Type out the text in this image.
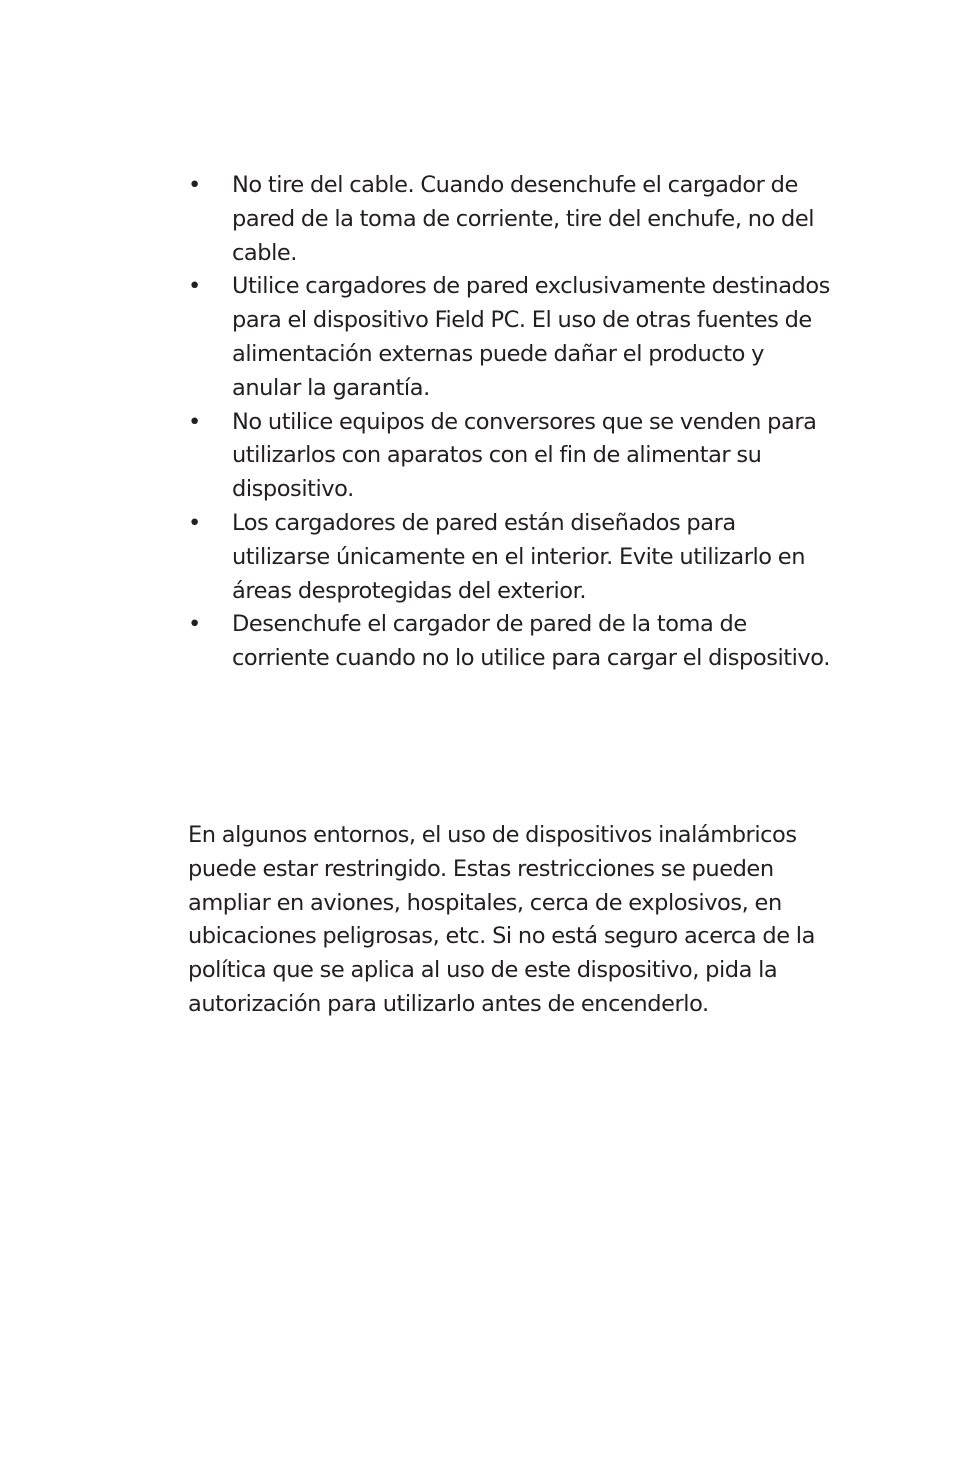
• No tire del cable. Cuando desenchufe el cargador de pared de la toma de corriente, tire del enchufe, no del cable.
• Utilice cargadores de pared exclusivamente destinados para el dispositivo Field PC. El uso de otras fuentes de alimentación externas puede dañar el producto y anular la garantía.
• No utilice equipos de conversores que se venden para utilizarlos con aparatos con el fin de alimentar su dispositivo.
• Los cargadores de pared están diseñados para utilizarse únicamente en el interior. Evite utilizarlo en áreas desprotegidas del exterior.
• Desenchufe el cargador de pared de la toma de corriente cuando no lo utilice para cargar el dispositivo.

En algunos entornos, el uso de dispositivos inalámbricos puede estar restringido. Estas restricciones se pueden ampliar en aviones, hospitales, cerca de explosivos, en ubicaciones peligrosas, etc. Si no está seguro acerca de la política que se aplica al uso de este dispositivo, pida la autorización para utilizarlo antes de encenderlo.
